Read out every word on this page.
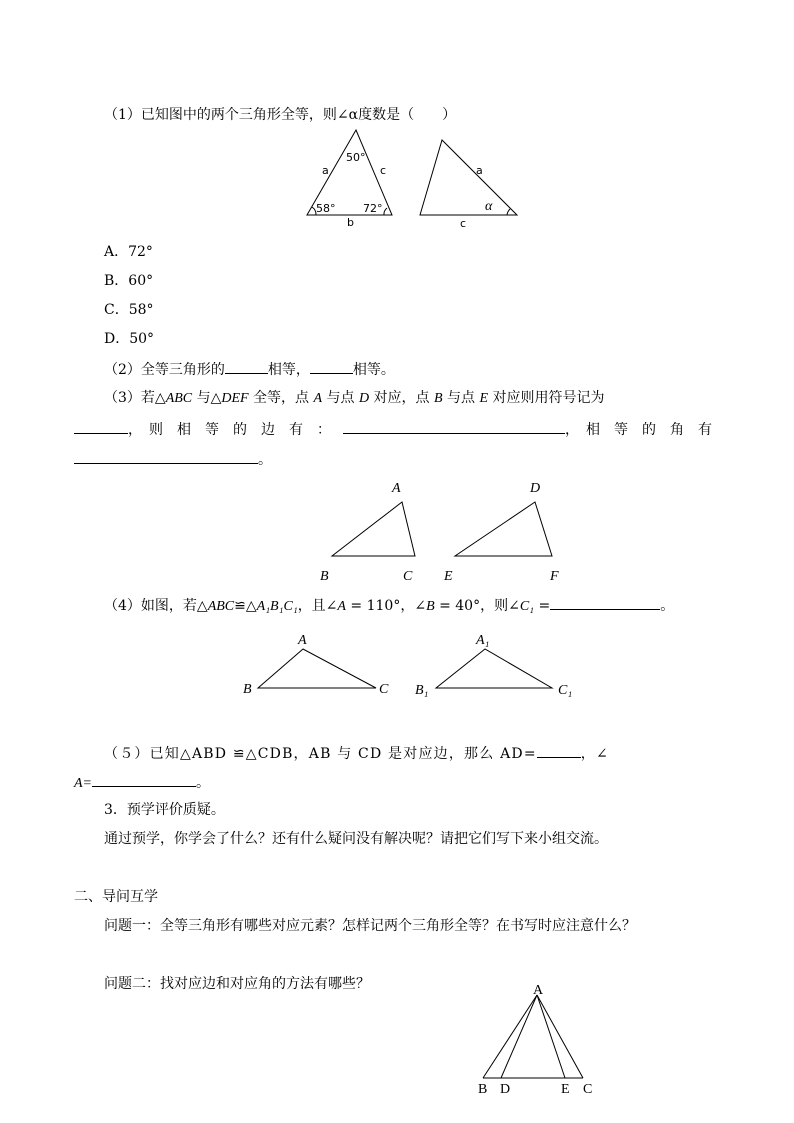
（1）已知图中的两个三角形全等，则∠α度数是（　　）
a	c
b
50°
58°	72°
a
c
α
A．72°
B．60°
C．58°
D．50°
（2）全等三角形的	相等，	相等。
（3）若△ABC 与△DEF 全等，点 A 与点 D 对应，点 B 与点 E 对应则用符号记为
，　则　相　等　的　边　有　：	，　相　等　的　角　有
。
A
B	C
D
E	F
（4）如图，若△ABC≌△A₁B₁C₁，且∠A = 110°，∠B = 40°，则∠C₁ =	。
A
B	C
A₁
B₁	C₁
（５）已知△ABD ≌△CDB，AB 与 CD 是对应边，那么 AD=	，∠
A=	。
3．预学评价质疑。
通过预学，你学会了什么？还有什么疑问没有解决呢？请把它们写下来小组交流。
二、导问互学
问题一：全等三角形有哪些对应元素？怎样记两个三角形全等？在书写时应注意什么？
问题二：找对应边和对应角的方法有哪些？	A
B D	E C
